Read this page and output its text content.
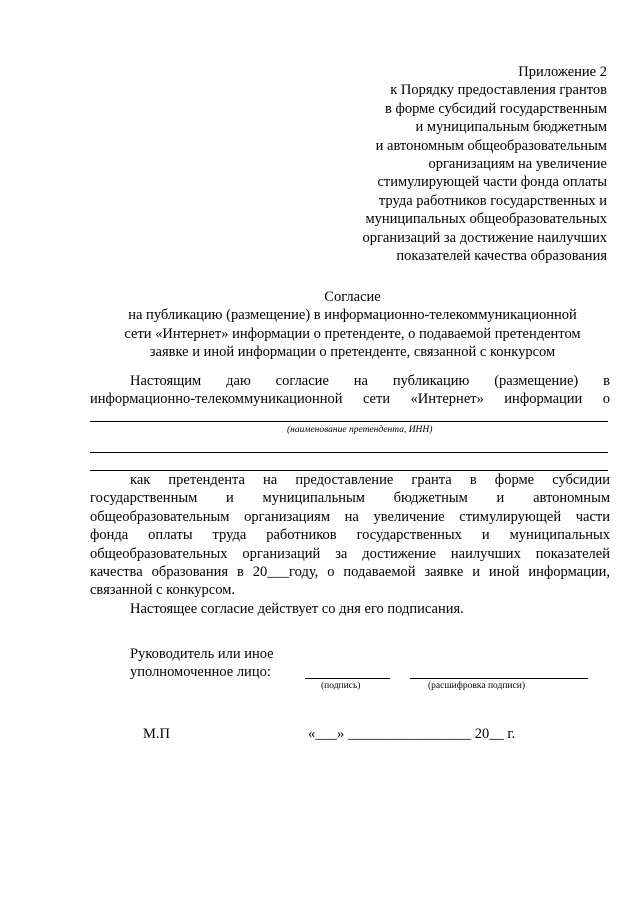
Приложение 2
к Порядку предоставления грантов
в форме субсидий государственным
и муниципальным бюджетным
и автономным общеобразовательным
организациям на увеличение
стимулирующей части фонда оплаты
труда работников государственных и
муниципальных общеобразовательных
организаций за достижение наилучших
показателей качества образования
Согласие
на публикацию (размещение) в информационно-телекоммуникационной
сети «Интернет» информации о претенденте, о подаваемой претендентом
заявке и иной информации о претенденте, связанной с конкурсом
Настоящим даю согласие на публикацию (размещение) в
информационно-телекоммуникационной сети «Интернет» информации о
(наименование претендента, ИНН)
как претендента на предоставление гранта в форме субсидии
государственным и муниципальным бюджетным и автономным
общеобразовательным организациям на увеличение стимулирующей части
фонда оплаты труда работников государственных и муниципальных
общеобразовательных организаций за достижение наилучших показателей
качества образования в 20___году, о подаваемой заявке и иной информации,
связанной с конкурсом.
Настоящее согласие действует со дня его подписания.
Руководитель или иное
уполномоченное лицо:
(подпись)	(расшифровка подписи)
М.П	«___» _________________ 20__ г.
